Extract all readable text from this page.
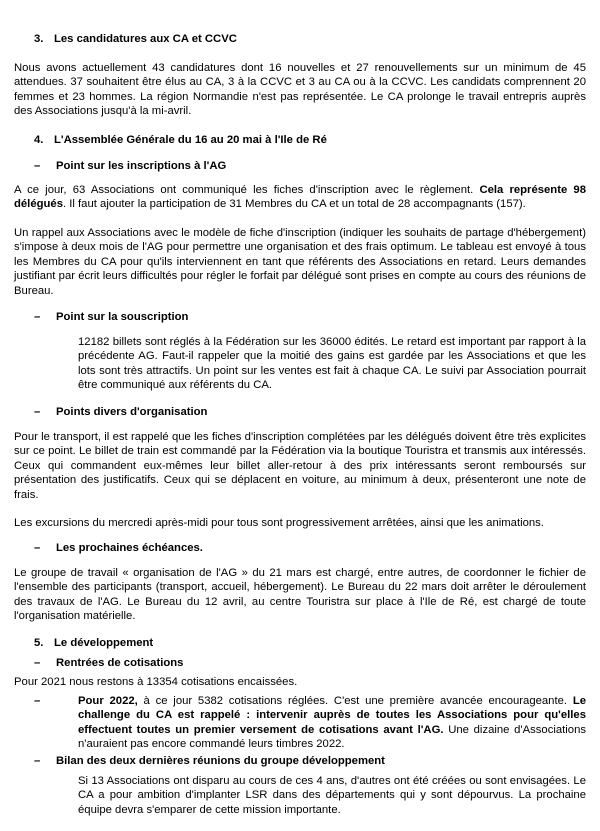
3. Les candidatures aux CA et CCVC

Nous avons actuellement 43 candidatures dont 16 nouvelles et 27 renouvellements sur un minimum de 45 attendues. 37 souhaitent être élus au CA, 3 à la CCVC et 3 au CA ou à la CCVC. Les candidats comprennent 20 femmes et 23 hommes. La région Normandie n'est pas représentée. Le CA prolonge le travail entrepris auprès des Associations jusqu'à la mi-avril.

4. L'Assemblée Générale du 16 au 20 mai à l'Ile de Ré
– Point sur les inscriptions à l'AG

A ce jour, 63 Associations ont communiqué les fiches d'inscription avec le règlement. Cela représente 98 délégués. Il faut ajouter la participation de 31 Membres du CA et un total de 28 accompagnants (157).

Un rappel aux Associations avec le modèle de fiche d'inscription (indiquer les souhaits de partage d'hébergement) s'impose à deux mois de l'AG pour permettre une organisation et des frais optimum. Le tableau est envoyé à tous les Membres du CA pour qu'ils interviennent en tant que référents des Associations en retard. Leurs demandes justifiant par écrit leurs difficultés pour régler le forfait par délégué sont prises en compte au cours des réunions de Bureau.

– Point sur la souscription

12182 billets sont réglés à la Fédération sur les 36000 édités. Le retard est important par rapport à la précédente AG. Faut-il rappeler que la moitié des gains est gardée par les Associations et que les lots sont très attractifs. Un point sur les ventes est fait à chaque CA. Le suivi par Association pourrait être communiqué aux référents du CA.

– Points divers d'organisation

Pour le transport, il est rappelé que les fiches d'inscription complétées par les délégués doivent être très explicites sur ce point. Le billet de train est commandé par la Fédération via la boutique Touristra et transmis aux intéressés. Ceux qui commandent eux-mêmes leur billet aller-retour à des prix intéressants seront remboursés sur présentation des justificatifs. Ceux qui se déplacent en voiture, au minimum à deux, présenteront une note de frais.

Les excursions du mercredi après-midi pour tous sont progressivement arrêtées, ainsi que les animations.

– Les prochaines échéances.

Le groupe de travail « organisation de l'AG » du 21 mars est chargé, entre autres, de coordonner le fichier de l'ensemble des participants (transport, accueil, hébergement). Le Bureau du 22 mars doit arrêter le déroulement des travaux de l'AG. Le Bureau du 12 avril, au centre Touristra sur place à l'Ile de Ré, est chargé de toute l'organisation matérielle.

5. Le développement
– Rentrées de cotisations

Pour 2021 nous restons à 13354 cotisations encaissées.

–	Pour 2022, à ce jour 5382 cotisations réglées. C'est une première avancée encourageante. Le challenge du CA est rappelé : intervenir auprès de toutes les Associations pour qu'elles effectuent toutes un premier versement de cotisations avant l'AG. Une dizaine d'Associations n'auraient pas encore commandé leurs timbres 2022.

– Bilan des deux dernières réunions du groupe développement

Si 13 Associations ont disparu au cours de ces 4 ans, d'autres ont été créées ou sont envisagées. Le CA a pour ambition d'implanter LSR dans des départements qui y sont dépourvus. La prochaine équipe devra s'emparer de cette mission importante.
